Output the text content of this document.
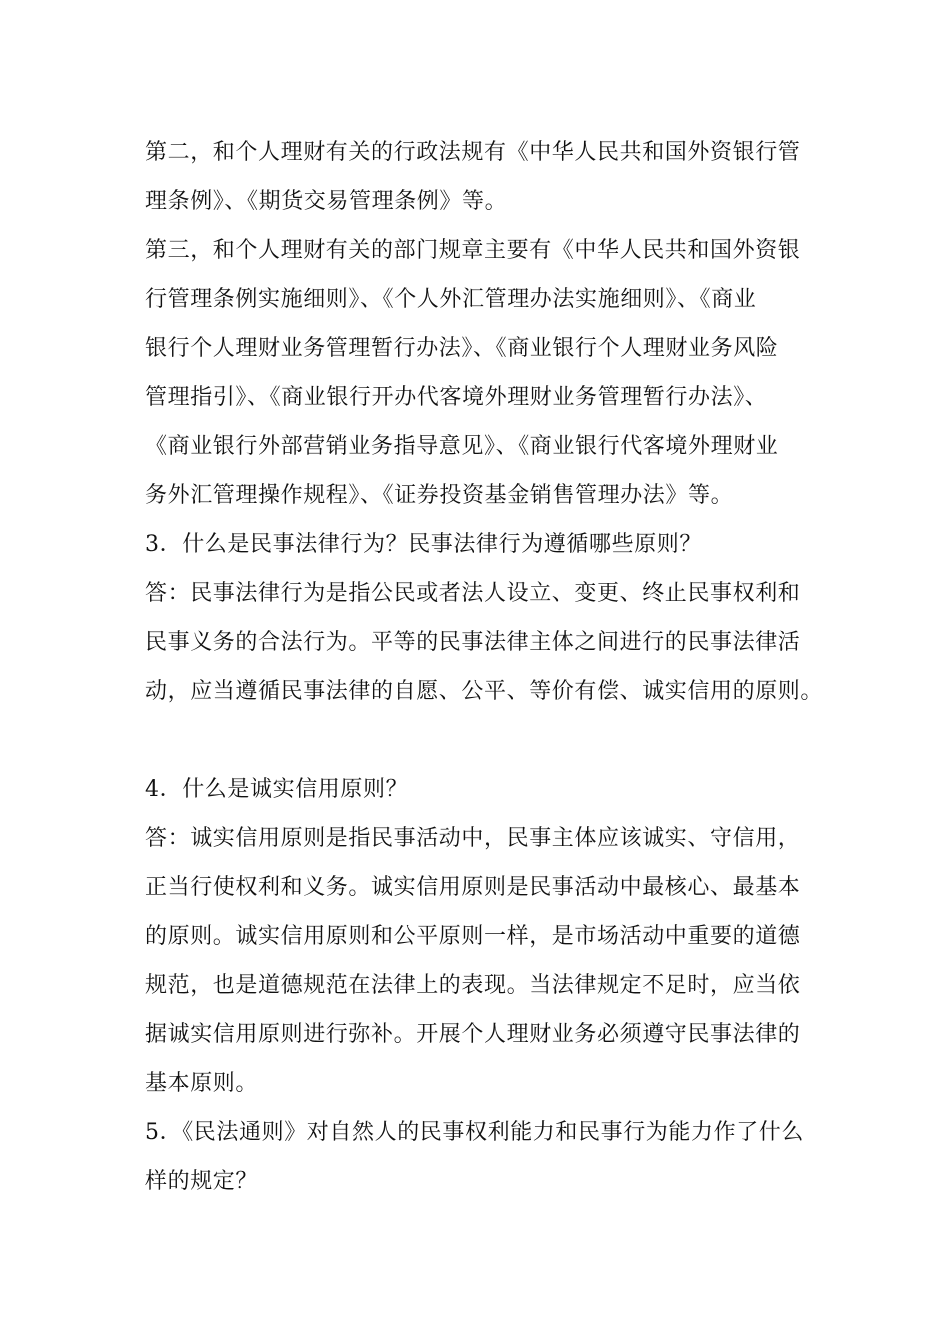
第二，和个人理财有关的行政法规有《中华人民共和国外资银行管
理条例》、《期货交易管理条例》等。
第三，和个人理财有关的部门规章主要有《中华人民共和国外资银
行管理条例实施细则》、《个人外汇管理办法实施细则》、《商业
银行个人理财业务管理暂行办法》、《商业银行个人理财业务风险
管理指引》、《商业银行开办代客境外理财业务管理暂行办法》、
《商业银行外部营销业务指导意见》、《商业银行代客境外理财业
务外汇管理操作规程》、《证券投资基金销售管理办法》等。
3．什么是民事法律行为？民事法律行为遵循哪些原则？
答：民事法律行为是指公民或者法人设立、变更、终止民事权利和
民事义务的合法行为。平等的民事法律主体之间进行的民事法律活
动，应当遵循民事法律的自愿、公平、等价有偿、诚实信用的原则。
4．什么是诚实信用原则？
答：诚实信用原则是指民事活动中，民事主体应该诚实、守信用，
正当行使权利和义务。诚实信用原则是民事活动中最核心、最基本
的原则。诚实信用原则和公平原则一样，是市场活动中重要的道德
规范，也是道德规范在法律上的表现。当法律规定不足时，应当依
据诚实信用原则进行弥补。开展个人理财业务必须遵守民事法律的
基本原则。
5．《民法通则》对自然人的民事权利能力和民事行为能力作了什么
样的规定？
